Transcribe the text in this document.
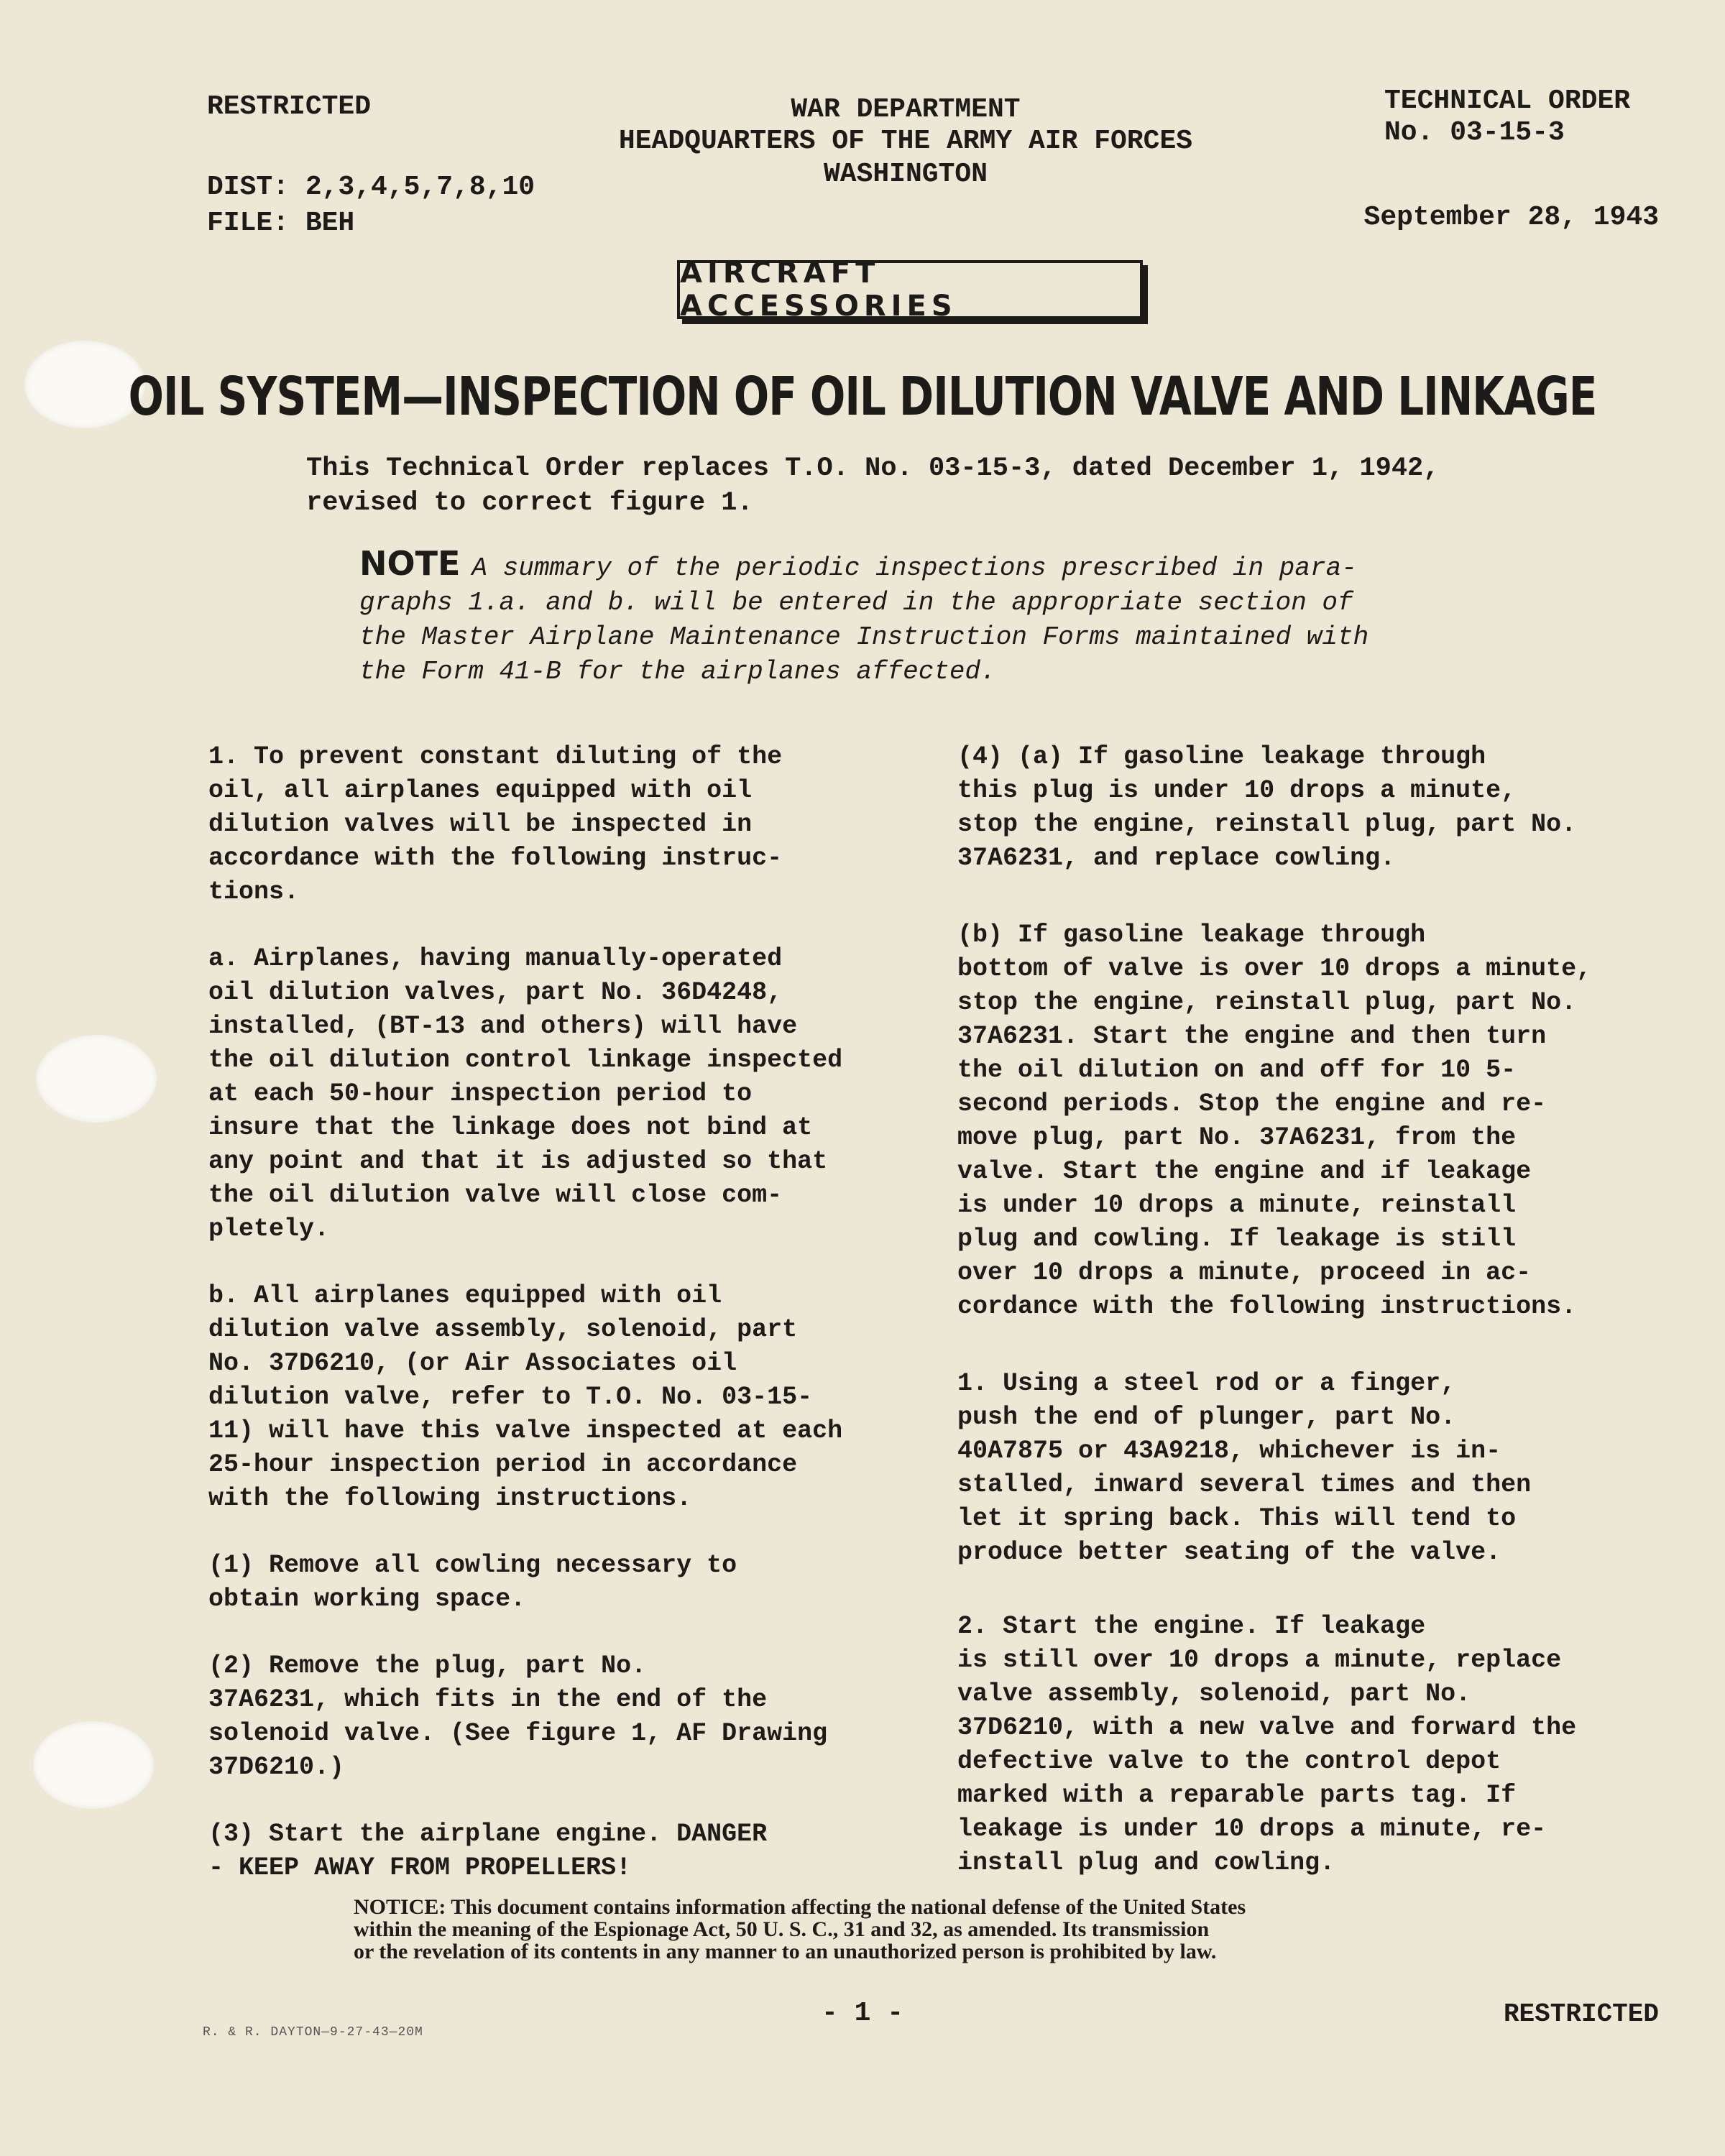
RESTRICTED
DIST: 2,3,4,5,7,8,10
FILE: BEH
WAR DEPARTMENT
HEADQUARTERS OF THE ARMY AIR FORCES
WASHINGTON
TECHNICAL ORDER
No. 03-15-3
September 28, 1943
AIRCRAFT ACCESSORIES
OIL SYSTEM—INSPECTION OF OIL DILUTION VALVE AND LINKAGE
This Technical Order replaces T.O. No. 03-15-3, dated December 1, 1942, revised to correct figure 1.
NOTE A summary of the periodic inspections prescribed in para-
graphs 1.a. and b. will be entered in the appropriate section of
the Master Airplane Maintenance Instruction Forms maintained with
the Form 41-B for the airplanes affected.

1. To prevent constant diluting of the
oil, all airplanes equipped with oil
dilution valves will be inspected in
accordance with the following instruc-
tions.

a. Airplanes, having manually-operated
oil dilution valves, part No. 36D4248,
installed, (BT-13 and others) will have
the oil dilution control linkage inspected
at each 50-hour inspection period to
insure that the linkage does not bind at
any point and that it is adjusted so that
the oil dilution valve will close com-
pletely.

b. All airplanes equipped with oil
dilution valve assembly, solenoid, part
No. 37D6210, (or Air Associates oil
dilution valve, refer to T.O. No. 03-15-
11) will have this valve inspected at each
25-hour inspection period in accordance
with the following instructions.

(1) Remove all cowling necessary to
obtain working space.

(2) Remove the plug, part No.
37A6231, which fits in the end of the
solenoid valve. (See figure 1, AF Drawing
37D6210.)

(3) Start the airplane engine. DANGER
- KEEP AWAY FROM PROPELLERS!

(4) (a) If gasoline leakage through
this plug is under 10 drops a minute,
stop the engine, reinstall plug, part No.
37A6231, and replace cowling.

(b) If gasoline leakage through
bottom of valve is over 10 drops a minute,
stop the engine, reinstall plug, part No.
37A6231. Start the engine and then turn
the oil dilution on and off for 10 5-
second periods. Stop the engine and re-
move plug, part No. 37A6231, from the
valve. Start the engine and if leakage
is under 10 drops a minute, reinstall
plug and cowling. If leakage is still
over 10 drops a minute, proceed in ac-
cordance with the following instructions.

1. Using a steel rod or a finger,
push the end of plunger, part No.
40A7875 or 43A9218, whichever is in-
stalled, inward several times and then
let it spring back. This will tend to
produce better seating of the valve.

2. Start the engine. If leakage
is still over 10 drops a minute, replace
valve assembly, solenoid, part No.
37D6210, with a new valve and forward the
defective valve to the control depot
marked with a reparable parts tag. If
leakage is under 10 drops a minute, re-
install plug and cowling.

NOTICE: This document contains information affecting the national defense of the United States
within the meaning of the Espionage Act, 50 U. S. C., 31 and 32, as amended. Its transmission
or the revelation of its contents in any manner to an unauthorized person is prohibited by law.
R. & R. DAYTON—9-27-43—20M
- 1 -	RESTRICTED
